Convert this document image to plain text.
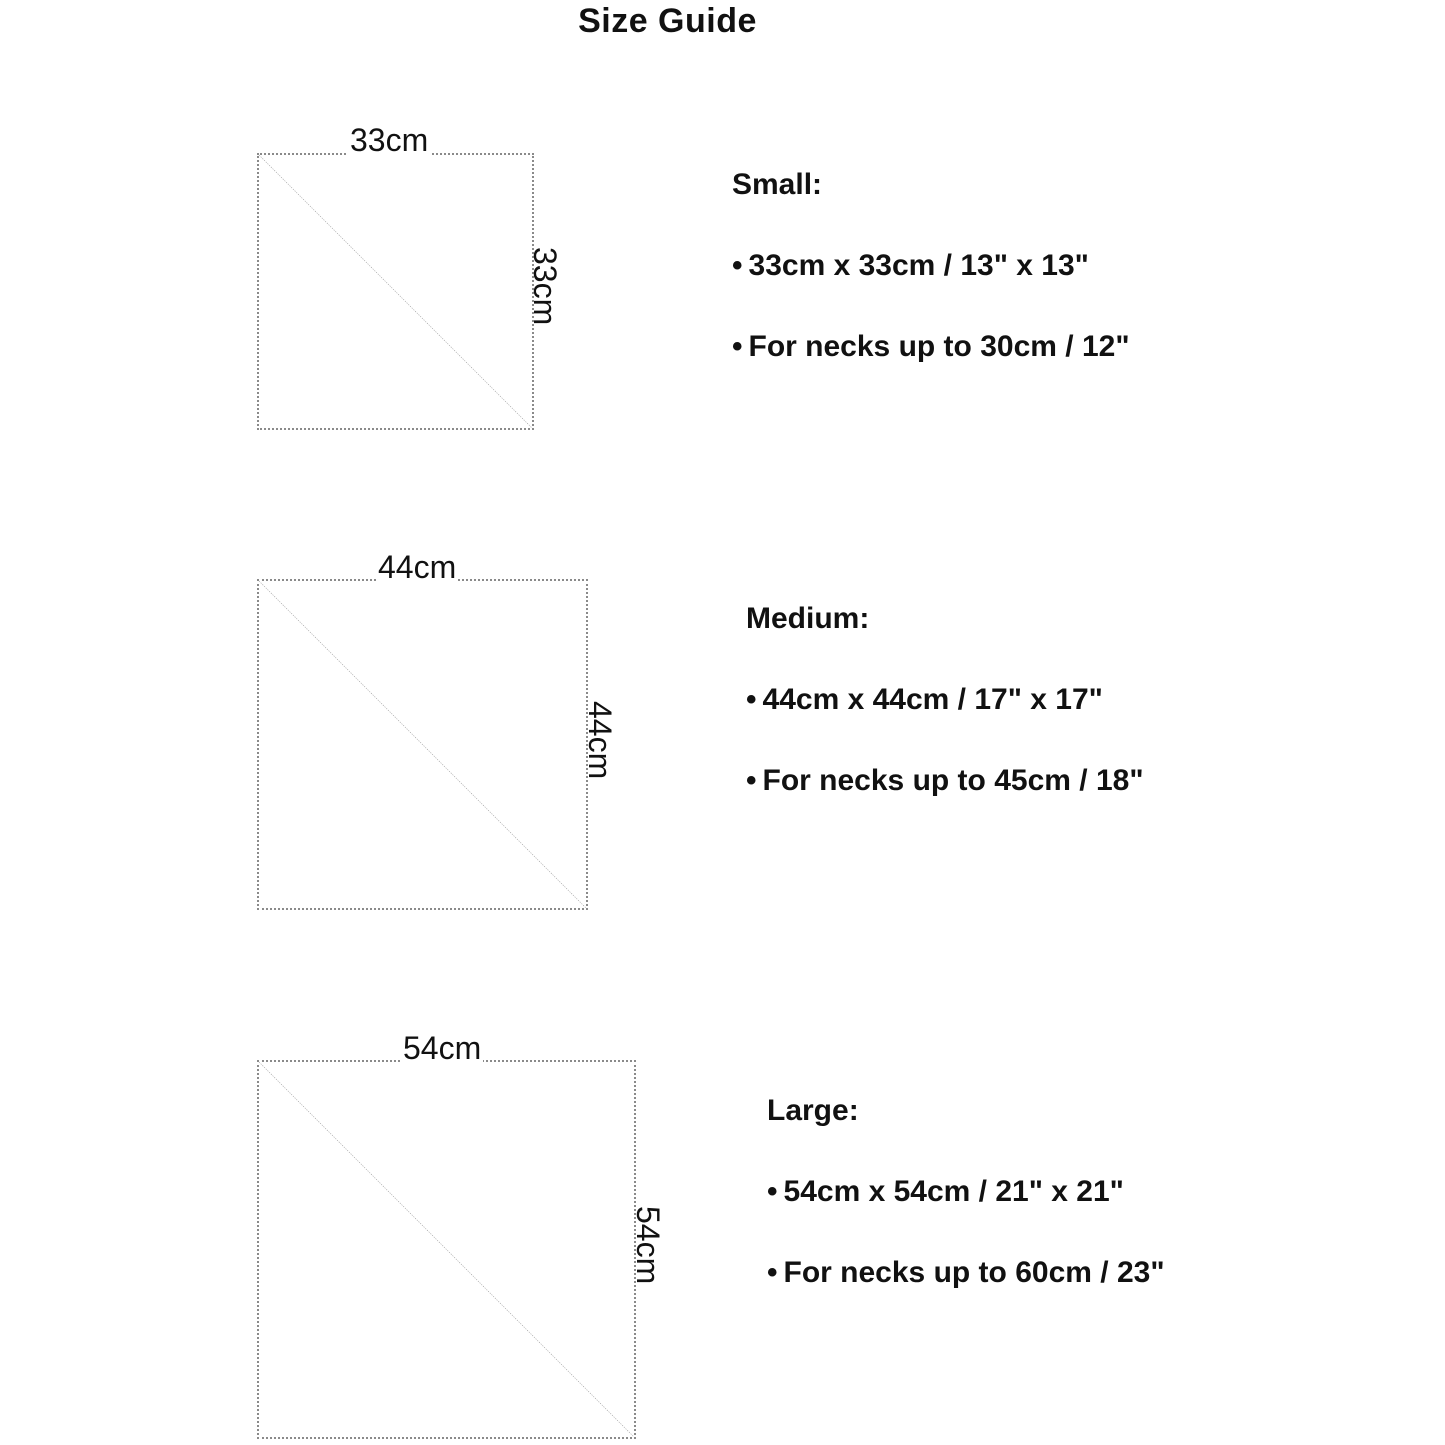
Size Guide
33cm
33cm
Small:
• 33cm x 33cm / 13" x 13"
• For necks up to 30cm / 12"
44cm
44cm
Medium:
• 44cm x 44cm / 17" x 17"
• For necks up to 45cm / 18"
54cm
54cm
Large:
• 54cm x 54cm / 21" x 21"
• For necks up to 60cm / 23"
